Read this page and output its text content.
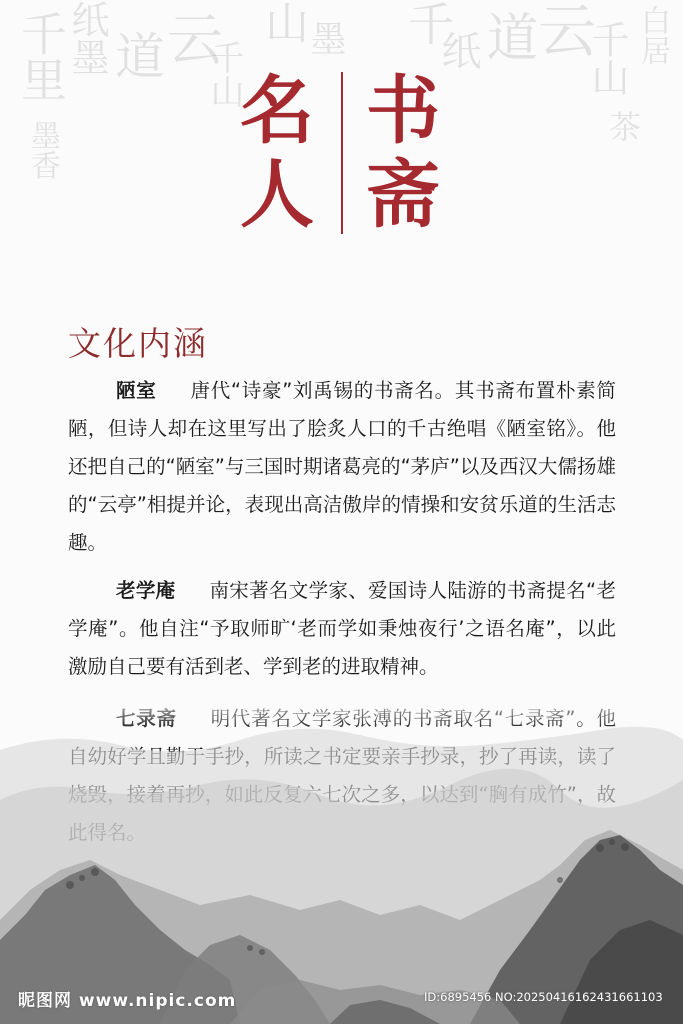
千里
纸墨
道
云
千山
山
墨 千
纸
道
云
千山 白居
墨香	茶
名
人
书
斋
文化内涵
陋室 唐代“诗豪”刘禹锡的书斋名。其书斋布置朴素简陋，但诗人却在这里写出了脍炙人口的千古绝唱《陋室铭》。他还把自己的“陋室”与三国时期诸葛亮的“茅庐”以及西汉大儒扬雄的“云亭”相提并论，表现出高洁傲岸的情操和安贫乐道的生活志趣。
老学庵 南宋著名文学家、爱国诗人陆游的书斋提名“老学庵”。他自注“予取师旷‘老而学如秉烛夜行’之语名庵”，以此激励自己要有活到老、学到老的进取精神。
昵图网 www.nipic.com	ID:6895456 NO:20250416162431661103
